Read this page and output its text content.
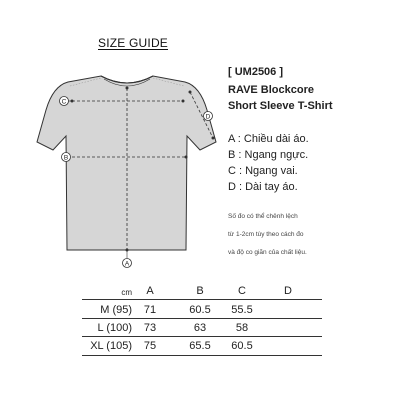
SIZE GUIDE
C
B
D
A
[ UM2506 ]
RAVE Blockcore
Short Sleeve T-Shirt
A : Chiều dài áo.
B : Ngang ngực.
C : Ngang vai.
D : Dài tay áo.
Số đo có thể chênh lệch
từ 1-2cm tùy theo cách đo
và độ co giãn của chất liệu.
cm	A	B	C	D
M (95)	71	60.5	55.5
L (100)	73	63	58
XL (105)	75	65.5	60.5
